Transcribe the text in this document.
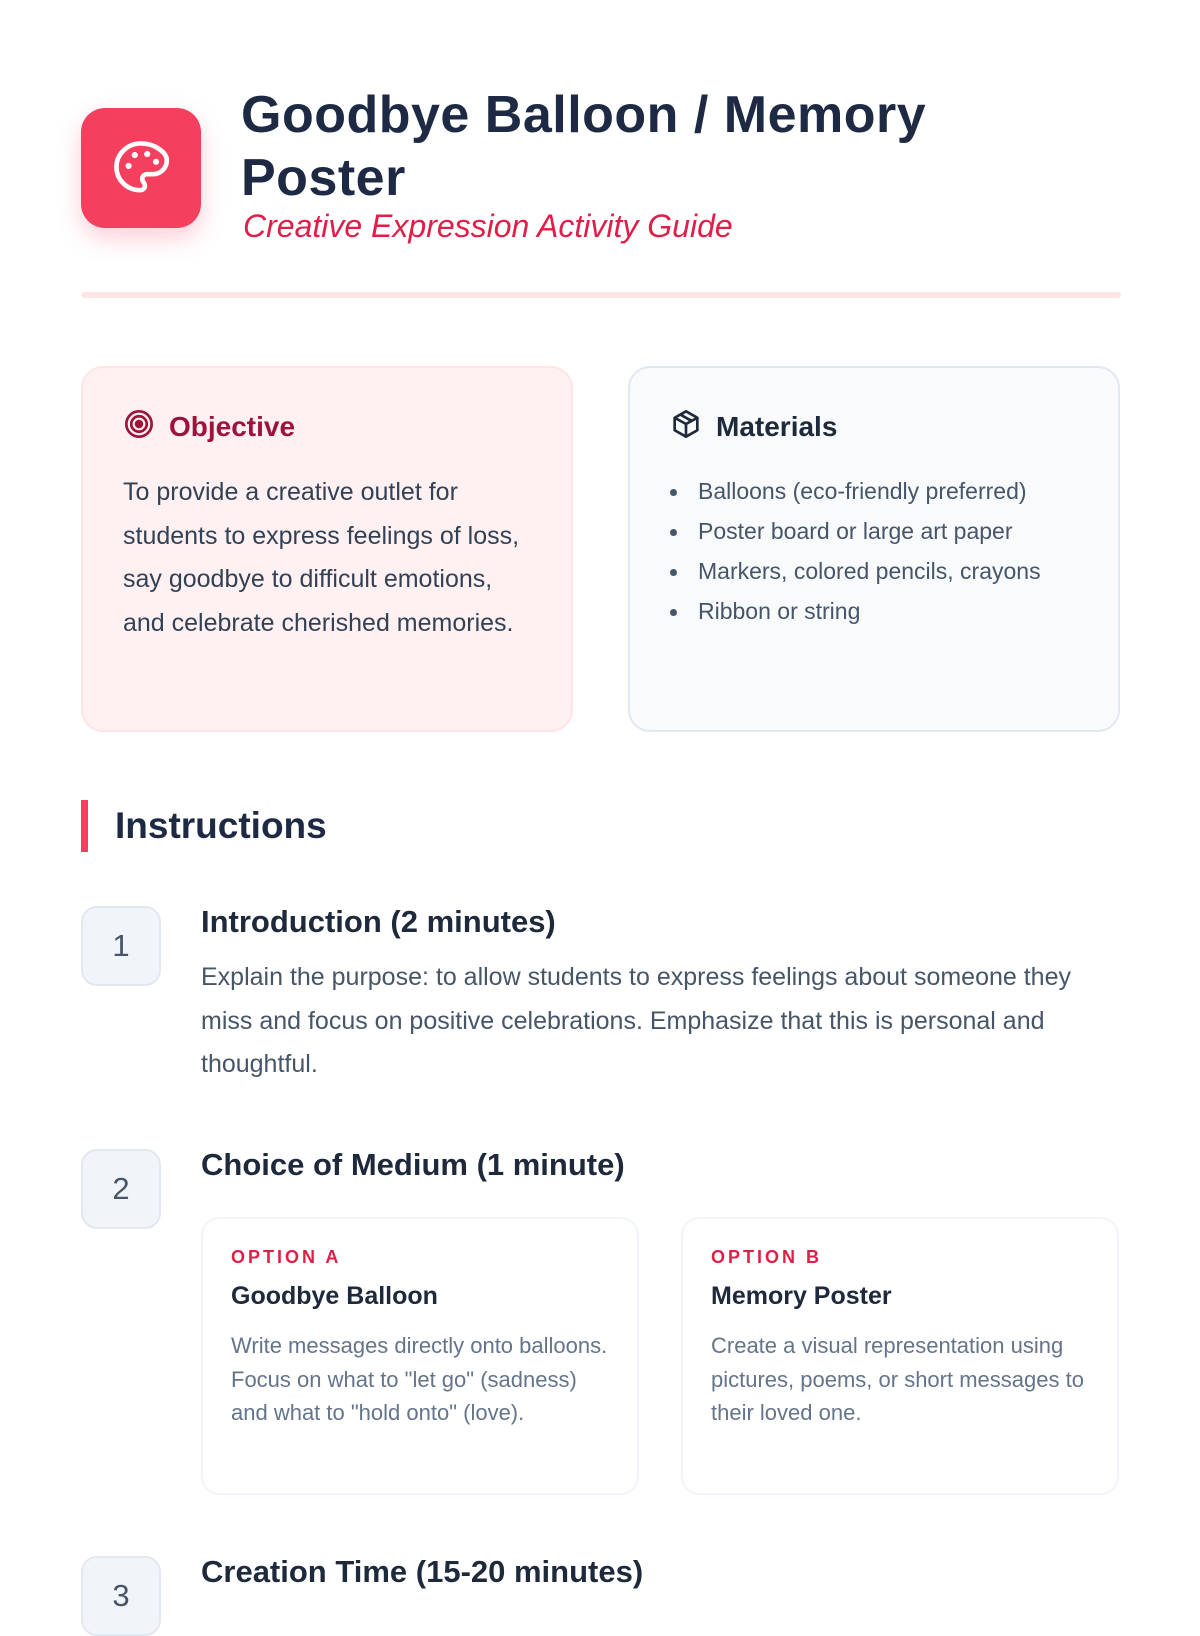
Goodbye Balloon / Memory Poster
Creative Expression Activity Guide
Objective

To provide a creative outlet for students to express feelings of loss, say goodbye to difficult emotions, and celebrate cherished memories.

Materials
Balloons (eco-friendly preferred)
Poster board or large art paper
Markers, colored pencils, crayons
Ribbon or string
Instructions
1
Introduction (2 minutes)

Explain the purpose: to allow students to express feelings about someone they miss and focus on positive celebrations. Emphasize that this is personal and thoughtful.

2
Choice of Medium (1 minute)
OPTION A
Goodbye Balloon
Write messages directly onto balloons. Focus on what to "let go" (sadness) and what to "hold onto" (love).
OPTION B
Memory Poster
Create a visual representation using pictures, poems, or short messages to their loved one.
3
Creation Time (15-20 minutes)
